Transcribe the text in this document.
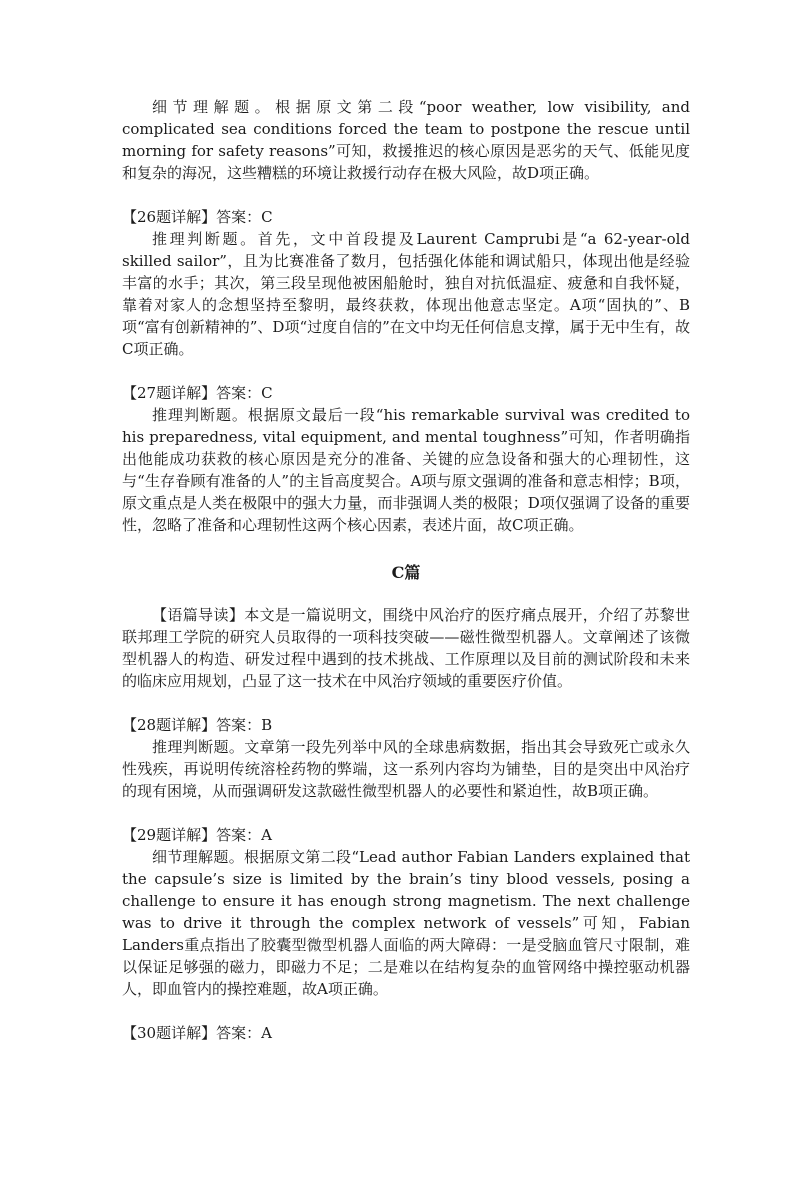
细节理解题。根据原文第二段“poor weather, low visibility, and complicated sea conditions forced the team to postpone the rescue until morning for safety reasons”可知，救援推迟的核心原因是恶劣的天气、低能见度和复杂的海况，这些糟糕的环境让救援行动存在极大风险，故D项正确。

【26题详解】答案：C

推理判断题。首先，文中首段提及Laurent Camprubi是“a 62-year-old skilled sailor”，且为比赛准备了数月，包括强化体能和调试船只，体现出他是经验丰富的水手；其次，第三段呈现他被困船舱时，独自对抗低温症、疲惫和自我怀疑，靠着对家人的念想坚持至黎明，最终获救，体现出他意志坚定。A项“固执的”、B项“富有创新精神的”、D项“过度自信的”在文中均无任何信息支撑，属于无中生有，故C项正确。

【27题详解】答案：C

推理判断题。根据原文最后一段“his remarkable survival was credited to his preparedness, vital equipment, and mental toughness”可知，作者明确指出他能成功获救的核心原因是充分的准备、关键的应急设备和强大的心理韧性，这与“生存眷顾有准备的人”的主旨高度契合。A项与原文强调的准备和意志相悖；B项，原文重点是人类在极限中的强大力量，而非强调人类的极限；D项仅强调了设备的重要性，忽略了准备和心理韧性这两个核心因素，表述片面，故C项正确。

C篇

【语篇导读】本文是一篇说明文，围绕中风治疗的医疗痛点展开，介绍了苏黎世联邦理工学院的研究人员取得的一项科技突破——磁性微型机器人。文章阐述了该微型机器人的构造、研发过程中遇到的技术挑战、工作原理以及目前的测试阶段和未来的临床应用规划，凸显了这一技术在中风治疗领域的重要医疗价值。

【28题详解】答案：B

推理判断题。文章第一段先列举中风的全球患病数据，指出其会导致死亡或永久性残疾，再说明传统溶栓药物的弊端，这一系列内容均为铺垫，目的是突出中风治疗的现有困境，从而强调研发这款磁性微型机器人的必要性和紧迫性，故B项正确。

【29题详解】答案：A

细节理解题。根据原文第二段“Lead author Fabian Landers explained that the capsule’s size is limited by the brain’s tiny blood vessels, posing a challenge to ensure it has enough strong magnetism. The next challenge was to drive it through the complex network of vessels”可知，Fabian Landers重点指出了胶囊型微型机器人面临的两大障碍：一是受脑血管尺寸限制，难以保证足够强的磁力，即磁力不足；二是难以在结构复杂的血管网络中操控驱动机器人，即血管内的操控难题，故A项正确。

【30题详解】答案：A
